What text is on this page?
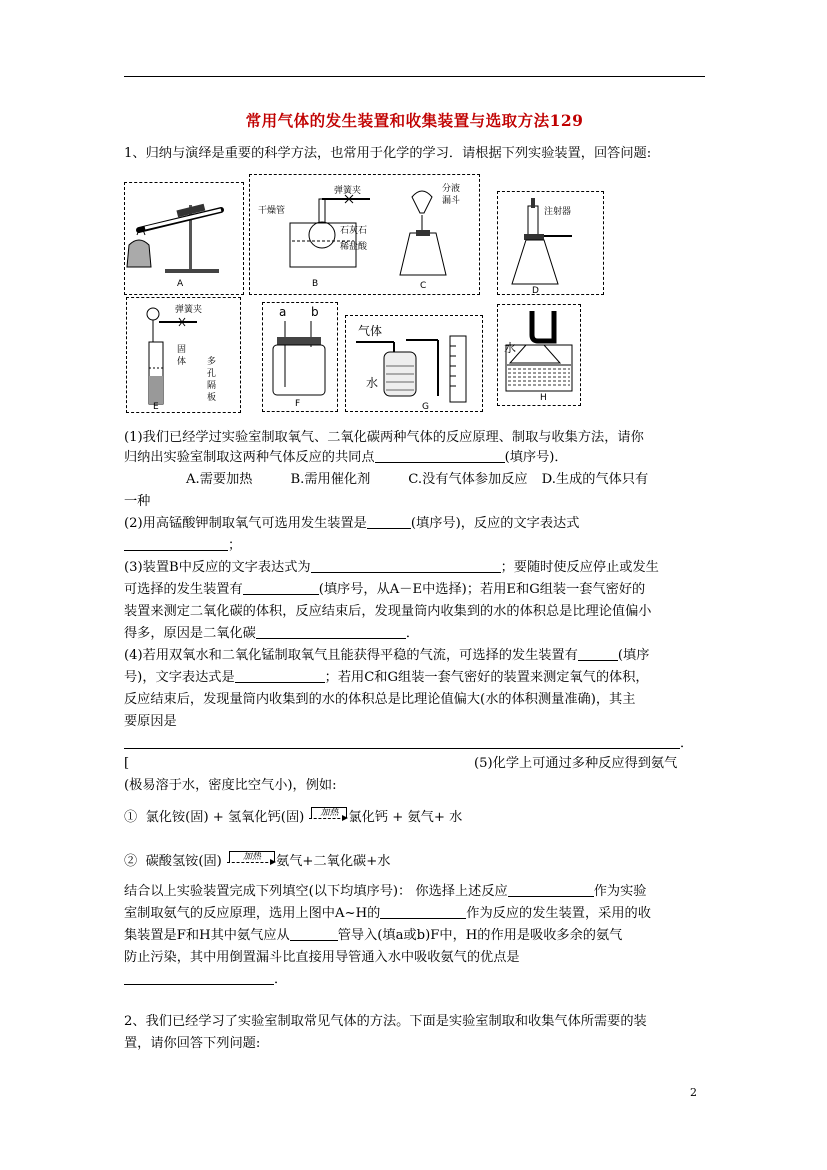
常用气体的发生装置和收集装置与选取方法129
1、归纳与演绎是重要的科学方法，也常用于化学的学习．请根据下列实验装置，回答问题:
A
干燥管
弹簧夹
石灰石
稀盐酸
分液
漏斗
B	C
注射器
D
弹簧夹
固
体 多
孔
隔
板
E
a b
F
气体
水
G
水
H
(1)我们已经学过实验室制取氧气、二氧化碳两种气体的反应原理、制取与收集方法，请你
归纳出实验室制取这两种气体反应的共同点	(填序号)．
A.需要加热	B.需用催化剂	C.没有气体参加反应 D.生成的气体只有
一种
(2)用高锰酸钾制取氧气可选用发生装置是	(填序号)，反应的文字表达式
；
(3)装置B中反应的文字表达式为	；要随时使反应停止或发生
可选择的发生装置有	(填序号，从A－E中选择)；若用E和G组装一套气密好的
装置来测定二氧化碳的体积，反应结束后，发现量筒内收集到的水的体积总是比理论值偏小
得多，原因是二氧化碳	．
(4)若用双氧水和二氧化锰制取氧气且能获得平稳的气流，可选择的发生装置有	(填序
号)，文字表达式是	；若用C和G组装一套气密好的装置来测定氧气的体积，
反应结束后，发现量筒内收集到的水的体积总是比理论值偏大(水的体积测量准确)，其主
要原因是
．
[	(5)化学上可通过多种反应得到氨气
(极易溶于水，密度比空气小)，例如:
① 氯化铵(固) + 氢氧化钙(固)	加热 氯化钙 + 氨气+ 水
② 碳酸氢铵(固)	加热	氨气+二氧化碳+水
结合以上实验装置完成下列填空(以下均填序号)： 你选择上述反应	作为实验
室制取氨气的反应原理，选用上图中A~H的	作为反应的发生装置，采用的收
集装置是F和H其中氨气应从	管导入(填a或b)F中，H的作用是吸收多余的氨气
防止污染，其中用倒置漏斗比直接用导管通入水中吸收氨气的优点是
．
2、我们已经学习了实验室制取常见气体的方法。下面是实验室制取和收集气体所需要的装
置，请你回答下列问题:
2
